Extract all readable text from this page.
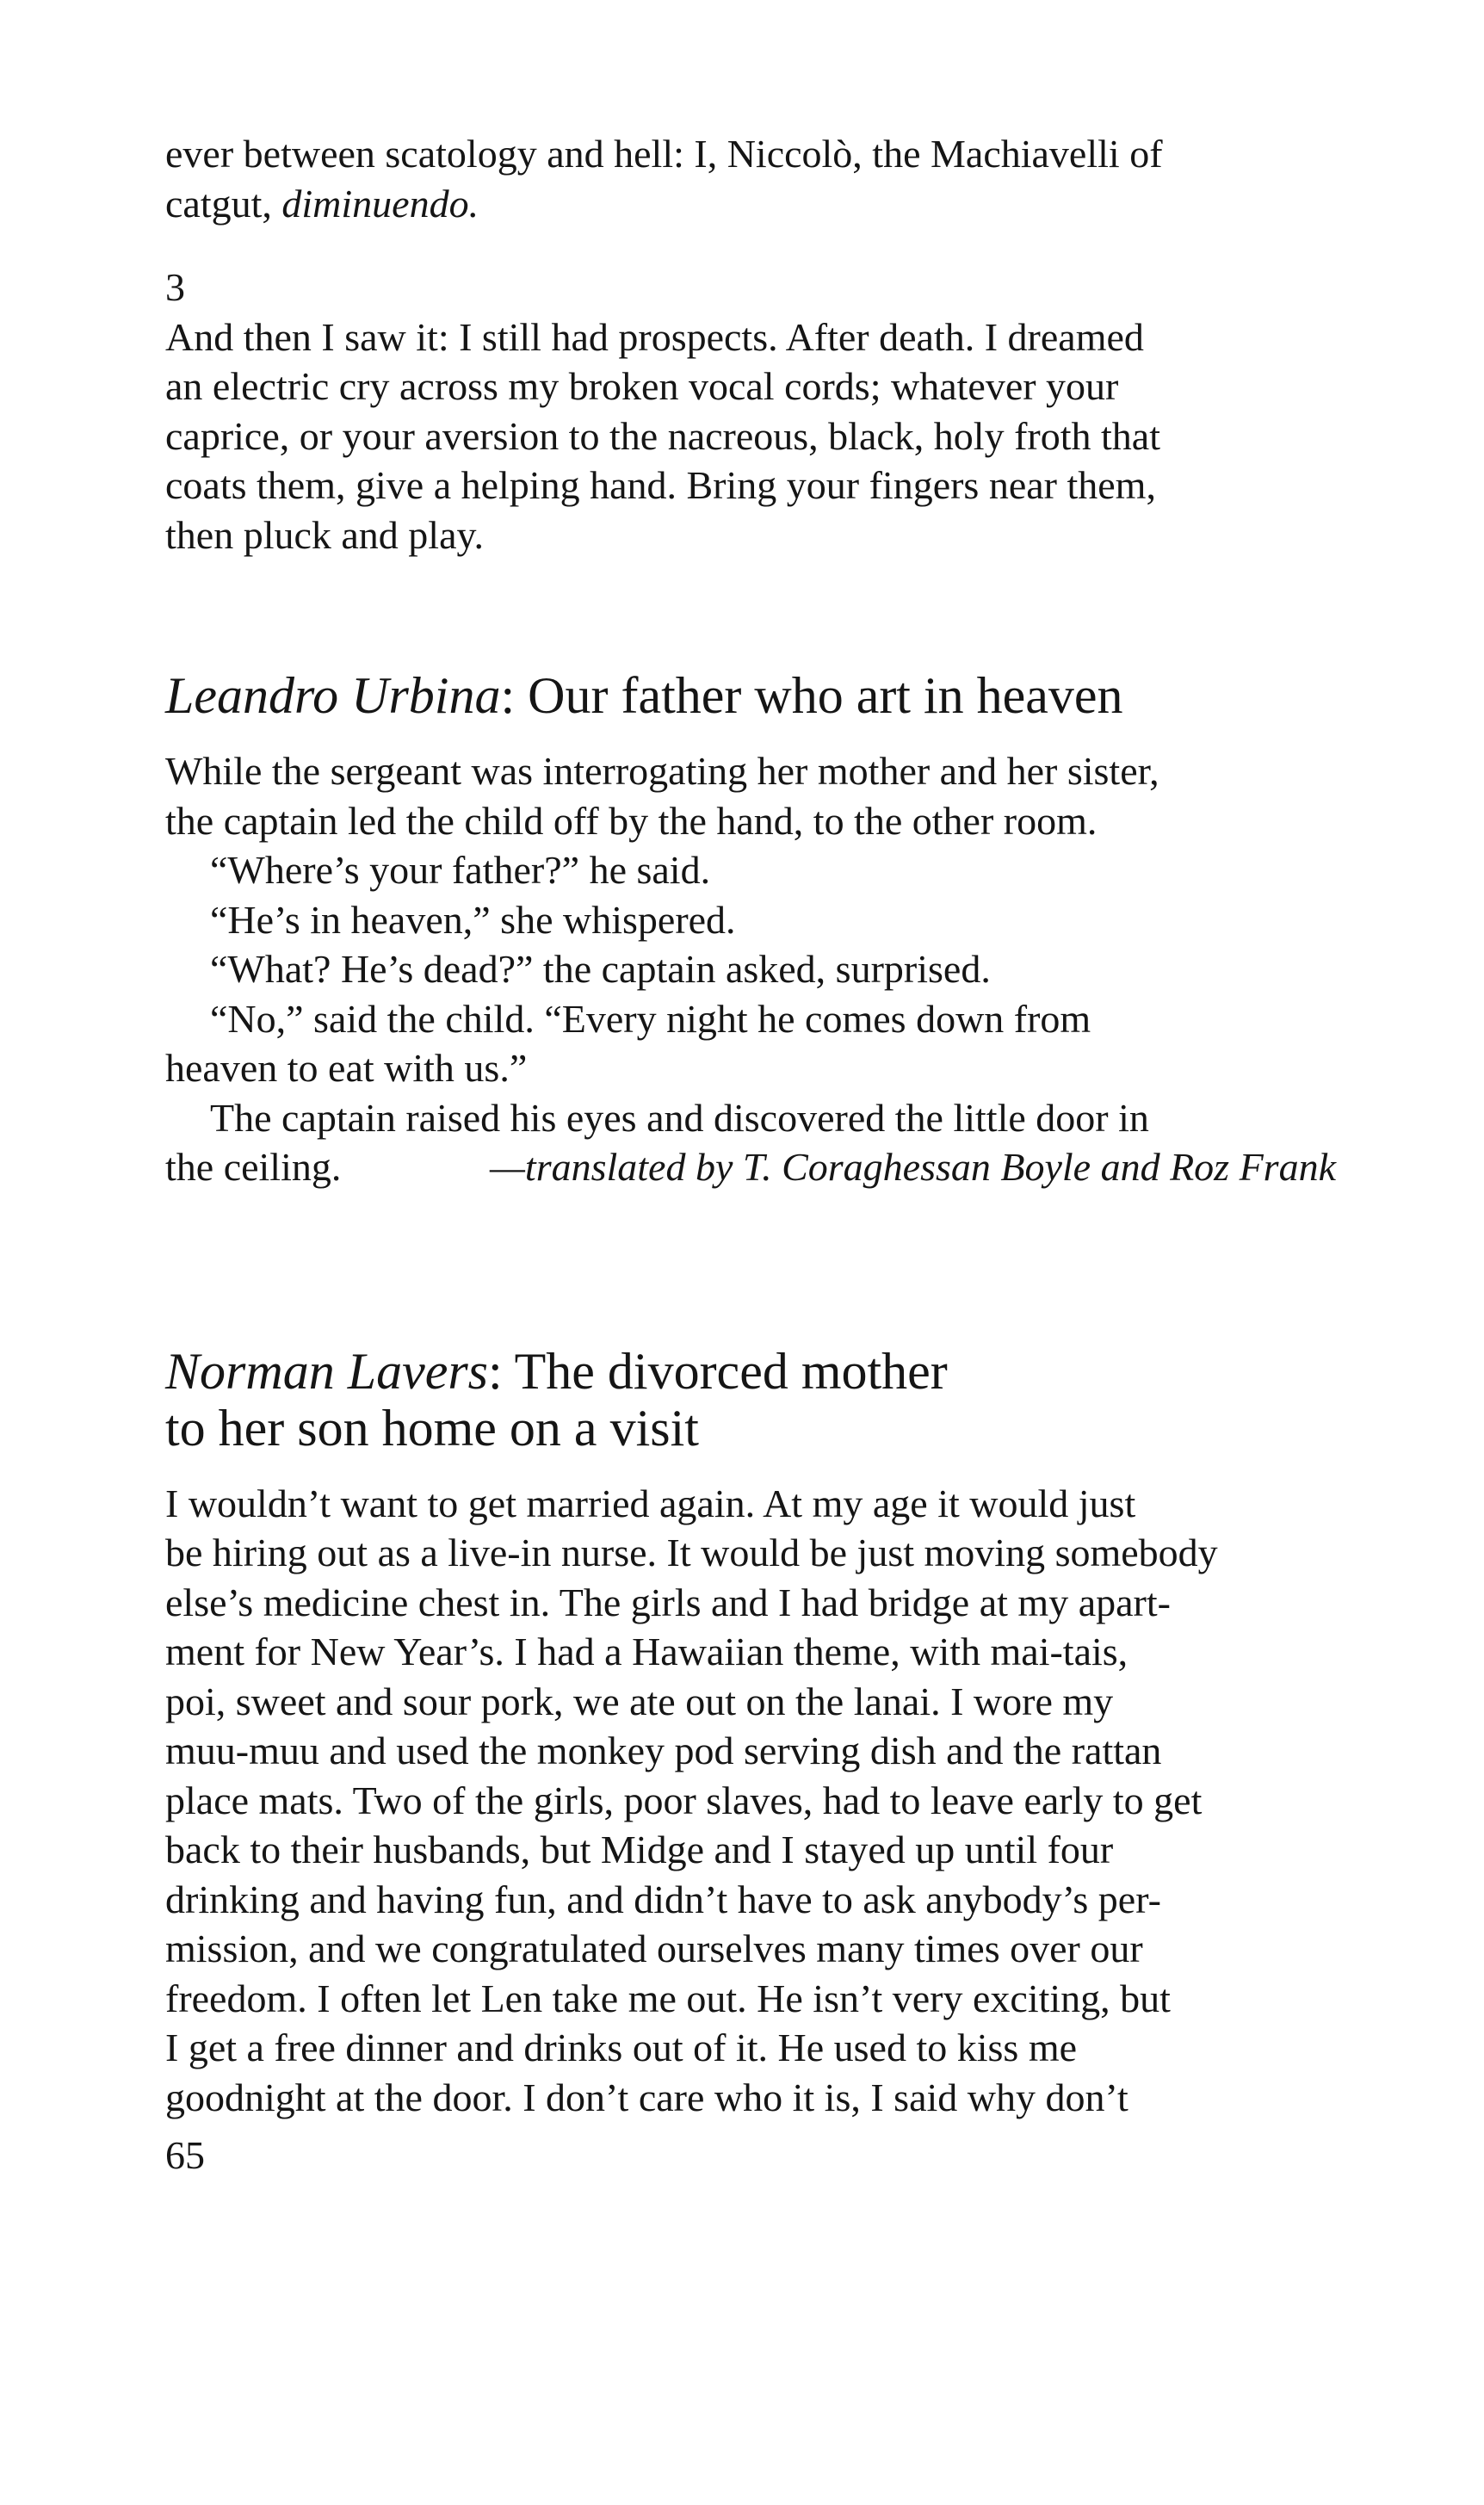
ever between scatology and hell: I, Niccolò, the Machiavelli of
catgut, diminuendo.

3

And then I saw it: I still had prospects. After death. I dreamed
an electric cry across my broken vocal cords; whatever your
caprice, or your aversion to the nacreous, black, holy froth that
coats them, give a helping hand. Bring your fingers near them,
then pluck and play.

Leandro Urbina: Our father who art in heaven

While the sergeant was interrogating her mother and her sister,
the captain led the child off by the hand, to the other room.
“Where’s your father?” he said.
“He’s in heaven,” she whispered.
“What? He’s dead?” the captain asked, surprised.
“No,” said the child. “Every night he comes down from
heaven to eat with us.”
The captain raised his eyes and discovered the little door in
the ceiling.	—translated by T. Coraghessan Boyle and Roz Frank

Norman Lavers: The divorced mother
to her son home on a visit

I wouldn’t want to get married again. At my age it would just
be hiring out as a live-in nurse. It would be just moving somebody
else’s medicine chest in. The girls and I had bridge at my apart-
ment for New Year’s. I had a Hawaiian theme, with mai-tais,
poi, sweet and sour pork, we ate out on the lanai. I wore my
muu-muu and used the monkey pod serving dish and the rattan
place mats. Two of the girls, poor slaves, had to leave early to get
back to their husbands, but Midge and I stayed up until four
drinking and having fun, and didn’t have to ask anybody’s per-
mission, and we congratulated ourselves many times over our
freedom. I often let Len take me out. He isn’t very exciting, but
I get a free dinner and drinks out of it. He used to kiss me
goodnight at the door. I don’t care who it is, I said why don’t

65
